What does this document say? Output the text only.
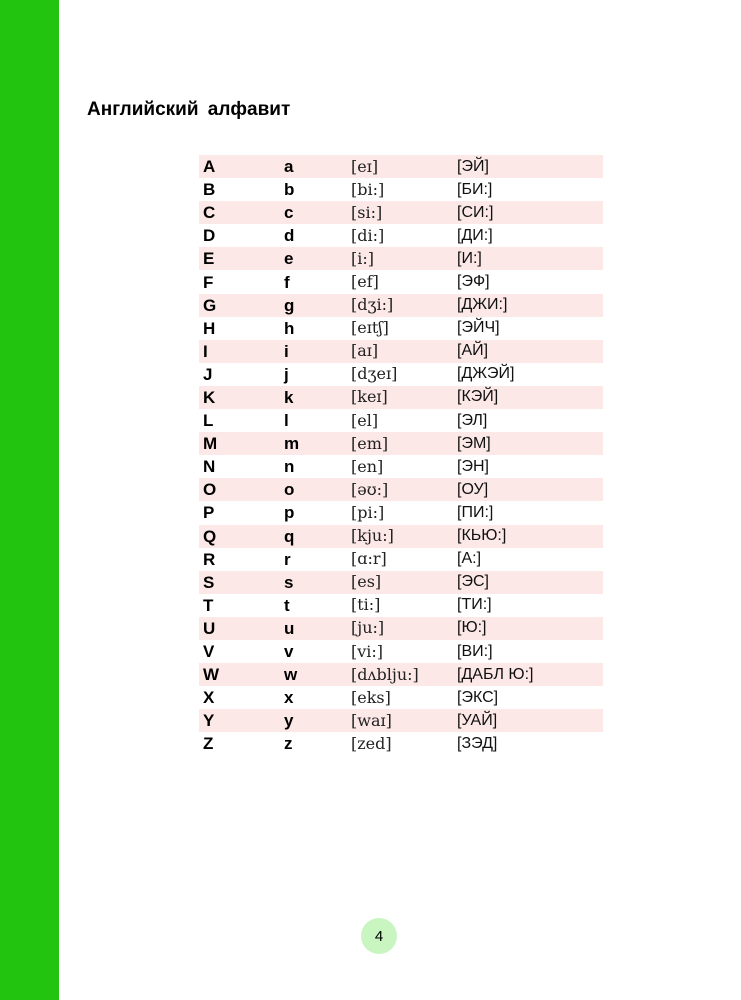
Английский алфавит
A	a	[eɪ]	[ЭЙ]
B	b	[bi:]	[БИ:]
C	c	[si:]	[СИ:]
D	d	[di:]	[ДИ:]
E	e	[i:]	[И:]
F	f	[ef]	[ЭФ]
G	g	[dʒi:]	[ДЖИ:]
H	h	[eɪtʃ]	[ЭЙЧ]
I	i	[aɪ]	[АЙ]
J	j	[dʒeɪ]	[ДЖЭЙ]
K	k	[keɪ]	[КЭЙ]
L	l	[el]	[ЭЛ]
M	m	[em]	[ЭМ]
N	n	[en]	[ЭН]
O	o	[əʊ:]	[ОУ]
P	p	[pi:]	[ПИ:]
Q	q	[kju:]	[КЬЮ:]
R	r	[ɑ:r]	[А:]
S	s	[es]	[ЭС]
T	t	[ti:]	[ТИ:]
U	u	[ju:]	[Ю:]
V	v	[vi:]	[ВИ:]
W	w	[dʌblju:]	[ДАБЛ Ю:]
X	x	[eks]	[ЭКС]
Y	y	[waɪ]	[УАЙ]
Z	z	[zed]	[ЗЭД]
4
